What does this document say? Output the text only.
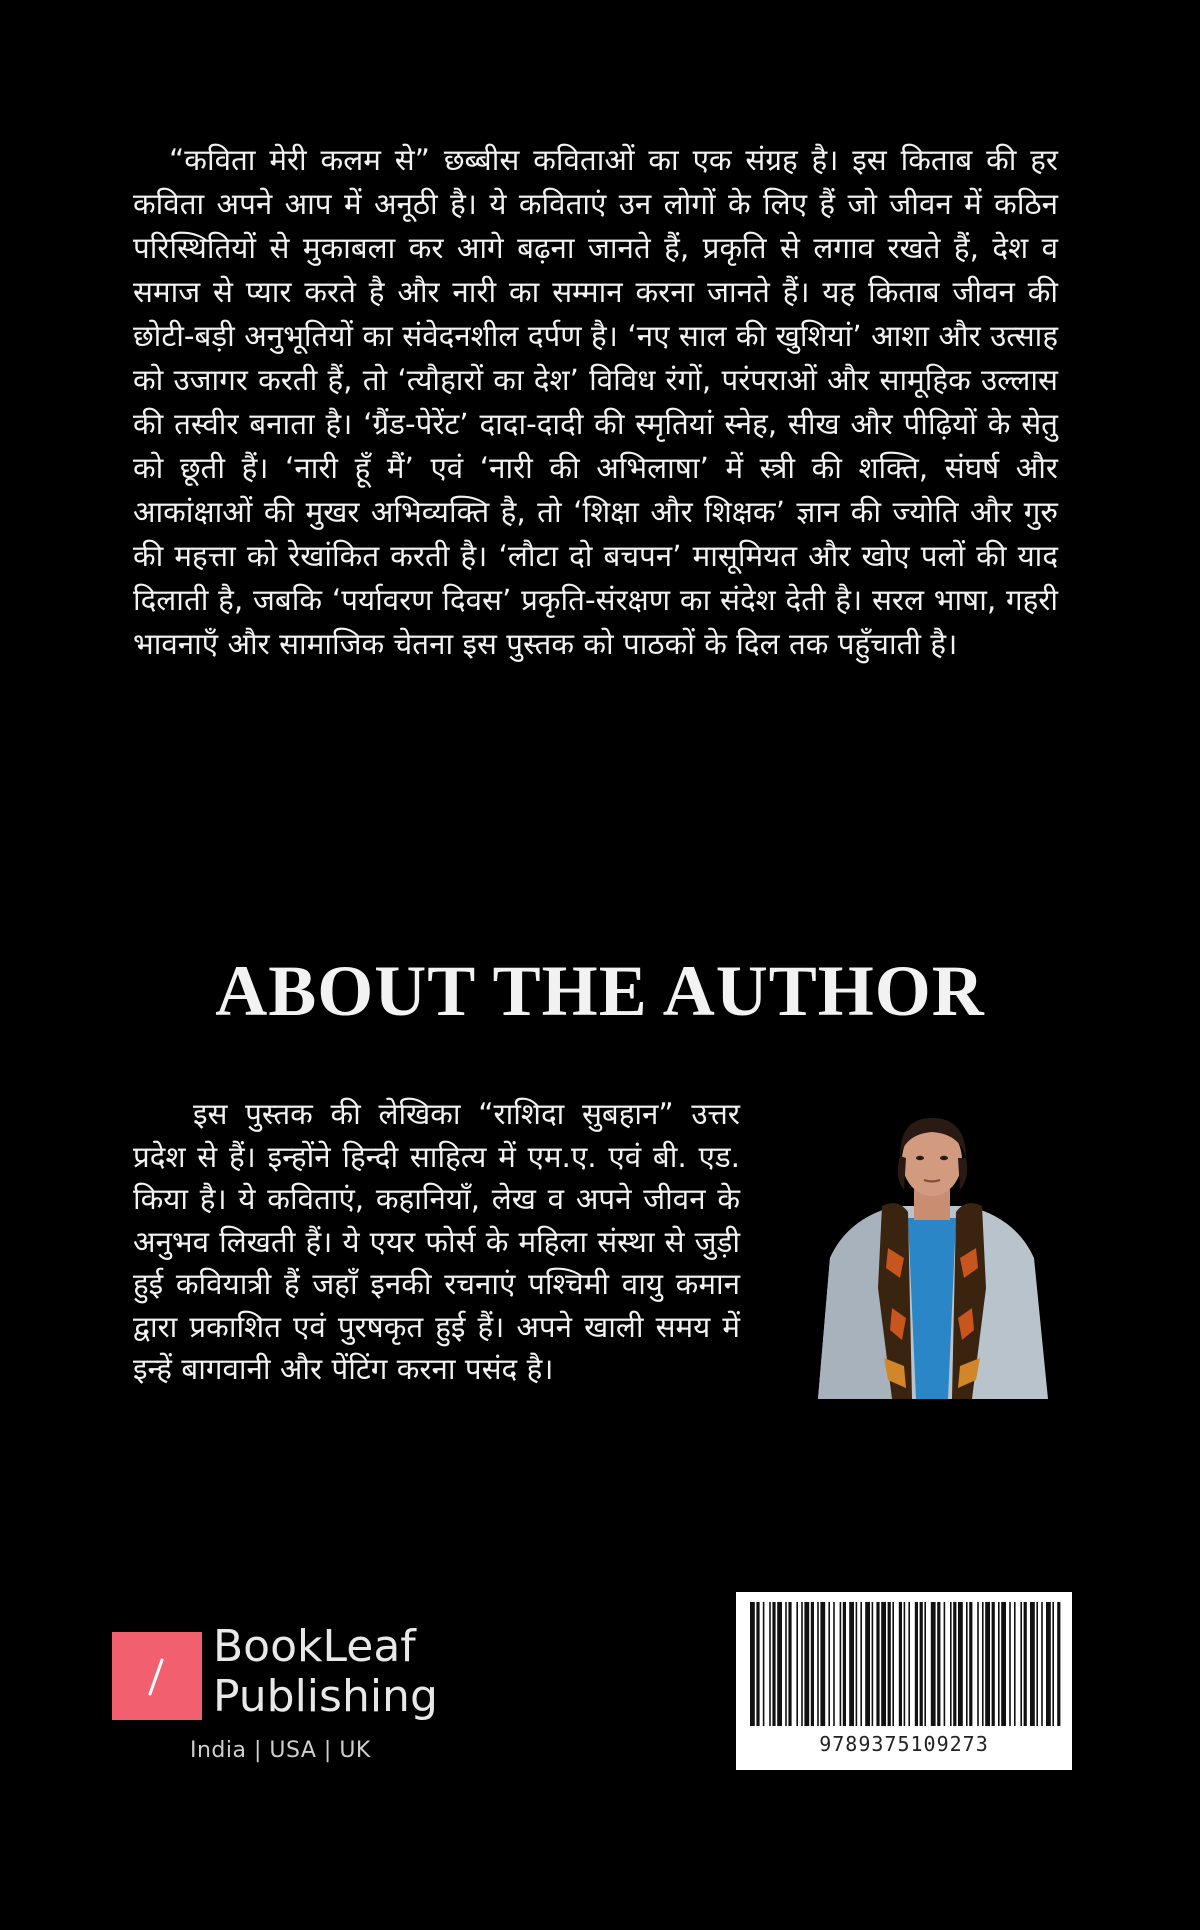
“कविता मेरी कलम से” छब्बीस कविताओं का एक संग्रह है। इस किताब की हर कविता अपने आप में अनूठी है। ये कविताएं उन लोगों के लिए हैं जो जीवन में कठिन परिस्थितियों से मुकाबला कर आगे बढ़ना जानते हैं, प्रकृति से लगाव रखते हैं, देश व समाज से प्यार करते है और नारी का सम्मान करना जानते हैं। यह किताब जीवन की छोटी-बड़ी अनुभूतियों का संवेदनशील दर्पण है। ‘नए साल की खुशियां’ आशा और उत्साह को उजागर करती हैं, तो ‘त्यौहारों का देश’ विविध रंगों, परंपराओं और सामूहिक उल्लास की तस्वीर बनाता है। ‘ग्रैंड-पेरेंट’ दादा-दादी की स्मृतियां स्नेह, सीख और पीढ़ियों के सेतु को छूती हैं। ‘नारी हूँ मैं’ एवं ‘नारी की अभिलाषा’ में स्त्री की शक्ति, संघर्ष और आकांक्षाओं की मुखर अभिव्यक्ति है, तो ‘शिक्षा और शिक्षक’ ज्ञान की ज्योति और गुरु की महत्ता को रेखांकित करती है। ‘लौटा दो बचपन’ मासूमियत और खोए पलों की याद दिलाती है, जबकि ‘पर्यावरण दिवस’ प्रकृति-संरक्षण का संदेश देती है। सरल भाषा, गहरी भावनाएँ और सामाजिक चेतना इस पुस्तक को पाठकों के दिल तक पहुँचाती है।

ABOUT THE AUTHOR

इस पुस्तक की लेखिका “राशिदा सुबहान” उत्तर प्रदेश से हैं। इन्होंने हिन्दी साहित्य में एम.ए. एवं बी. एड. किया है। ये कविताएं, कहानियाँ, लेख व अपने जीवन के अनुभव लिखती हैं। ये एयर फोर्स के महिला संस्था से जुड़ी हुई कवियात्री हैं जहाँ इनकी रचनाएं पश्चिमी वायु कमान द्वारा प्रकाशित एवं पुरषकृत हुई हैं। अपने खाली समय में इन्हें बागवानी और पेंटिंग करना पसंद है।

BookLeaf
Publishing
India | USA | UK	9789375109273
